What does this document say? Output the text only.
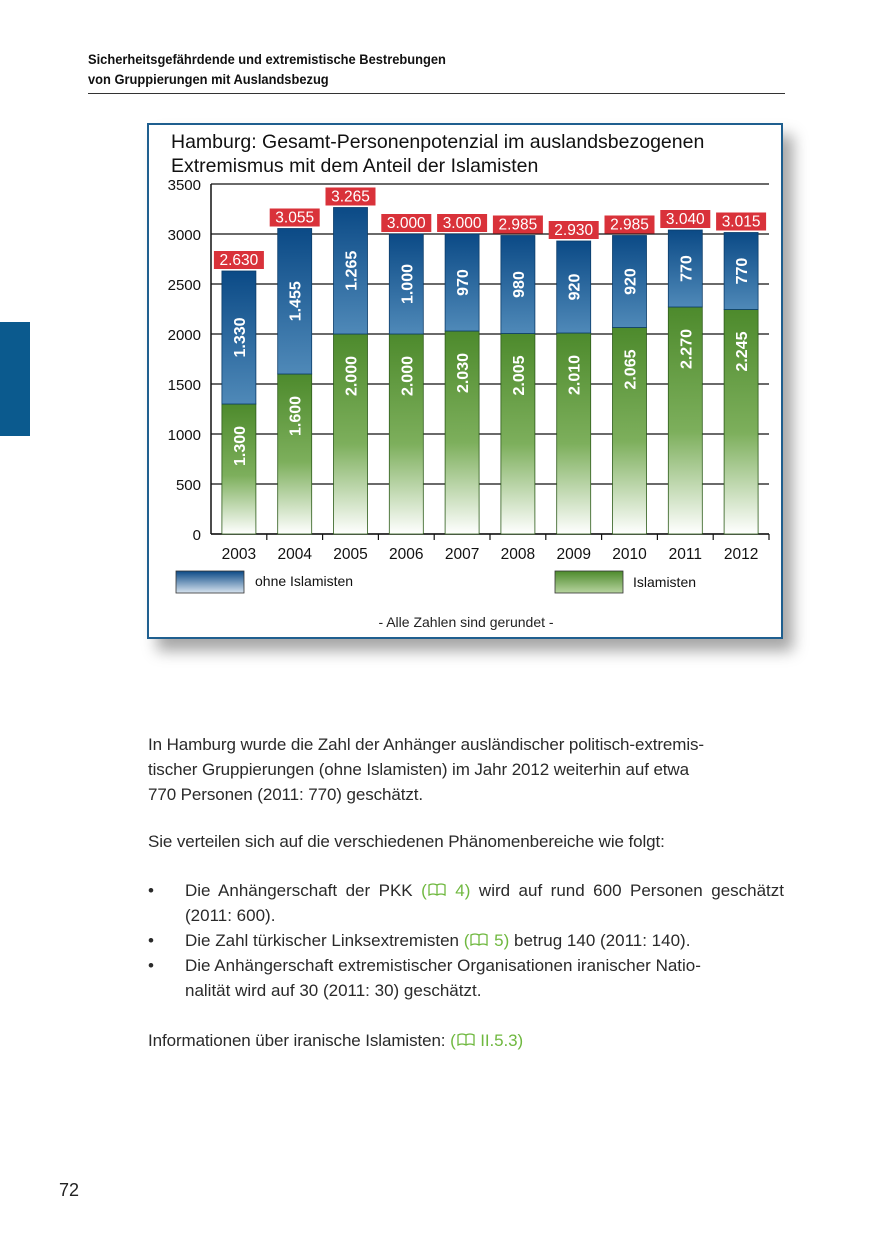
Sicherheitsgefährdende und extremistische Bestrebungen
von Gruppierungen mit Auslandsbezug
Hamburg: Gesamt-Personenpotenzial im auslandsbezogenen
Extremismus mit dem Anteil der Islamisten
0
500
1000
1500
2000
2500
3000
3500
1.300
1.330
2.630
2003
1.600
1.455
3.055
2004
2.000
1.265
3.265
2005
2.000
1.000
3.000
2006
2.030
970
3.000
2007
2.005
980
2.985
2008
2.010
920
2.930
2009
2.065
920
2.985
2010
2.270
770
3.040
2011
2.245
770
3.015
2012
ohne Islamisten	Islamisten
- Alle Zahlen sind gerundet -
In Hamburg wurde die Zahl der Anhänger ausländischer politisch-extremis-
tischer Gruppierungen (ohne Islamisten) im Jahr 2012 weiterhin auf etwa
770 Personen (2011: 770) geschätzt.
Sie verteilen sich auf die verschiedenen Phänomenbereiche wie folgt:
• Die Anhängerschaft der PKK ( 4) wird auf rund 600 Personen geschätzt (2011: 600).
• Die Zahl türkischer Linksextremisten ( 5) betrug 140 (2011: 140).
• Die Anhängerschaft extremistischer Organisationen iranischer Natio-
nalität wird auf 30 (2011: 30) geschätzt.
Informationen über iranische Islamisten: ( II.5.3)
72
